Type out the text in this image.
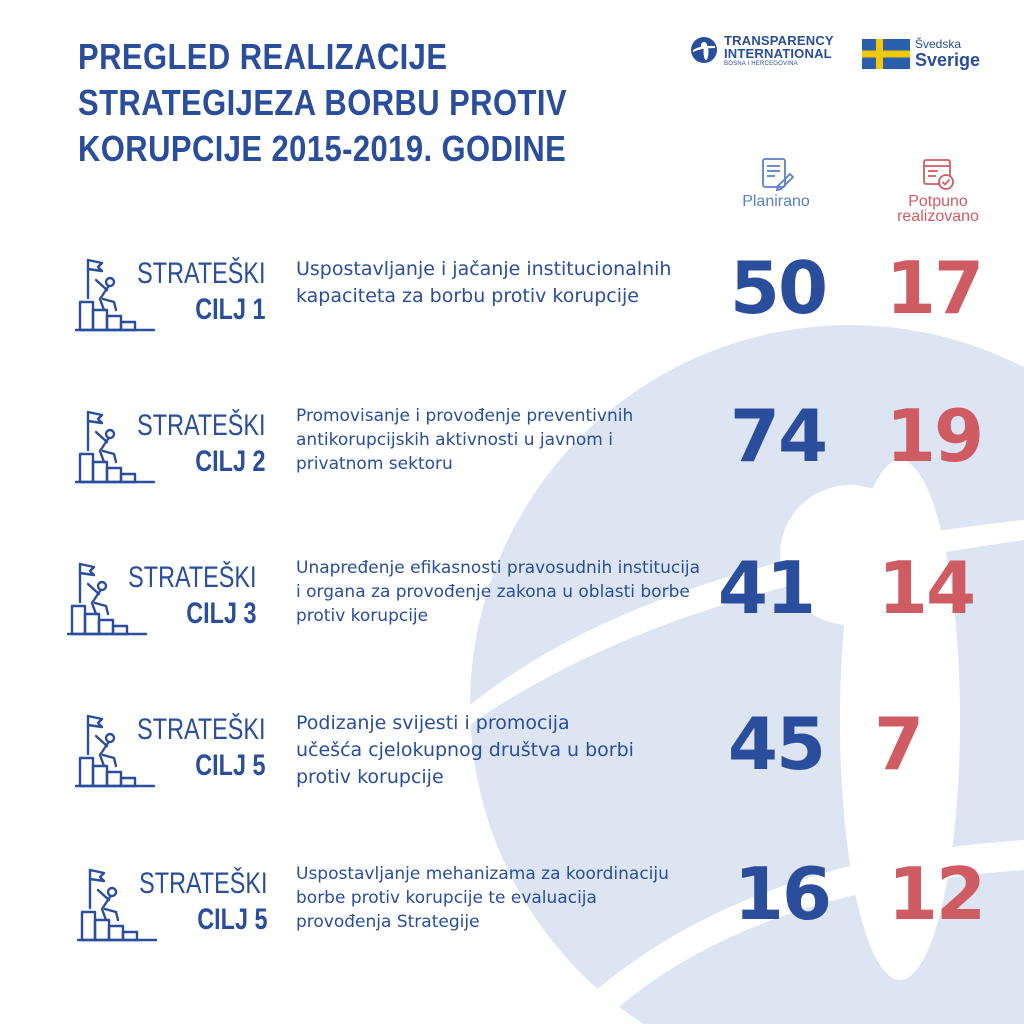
PREGLED REALIZACIJE
STRATEGIJEZA BORBU PROTIV
KORUPCIJE 2015-2019. GODINE
TRANSPARENCY
INTERNATIONAL
BOSNA I HERCEGOVINA
Švedska
Sverige
Planirano	Potpuno realizovano
STRATEŠKI
CILJ 1
Uspostavljanje i jačanje institucionalnih kapaciteta za borbu protiv korupcije	50 17
STRATEŠKI
CILJ 2
Promovisanje i provođenje preventivnih antikorupcijskih aktivnosti u javnom i privatnom sektoru	74 19
STRATEŠKI
CILJ 3
Unapređenje efikasnosti pravosudnih institucija i organa za provođenje zakona u oblasti borbe protiv korupcije	41 14
STRATEŠKI
CILJ 5
Podizanje svijesti i promocija učešća cjelokupnog društva u borbi protiv korupcije	45 7
STRATEŠKI
CILJ 5
Uspostavljanje mehanizama za koordinaciju borbe protiv korupcije te evaluacija provođenja Strategije	16 12
